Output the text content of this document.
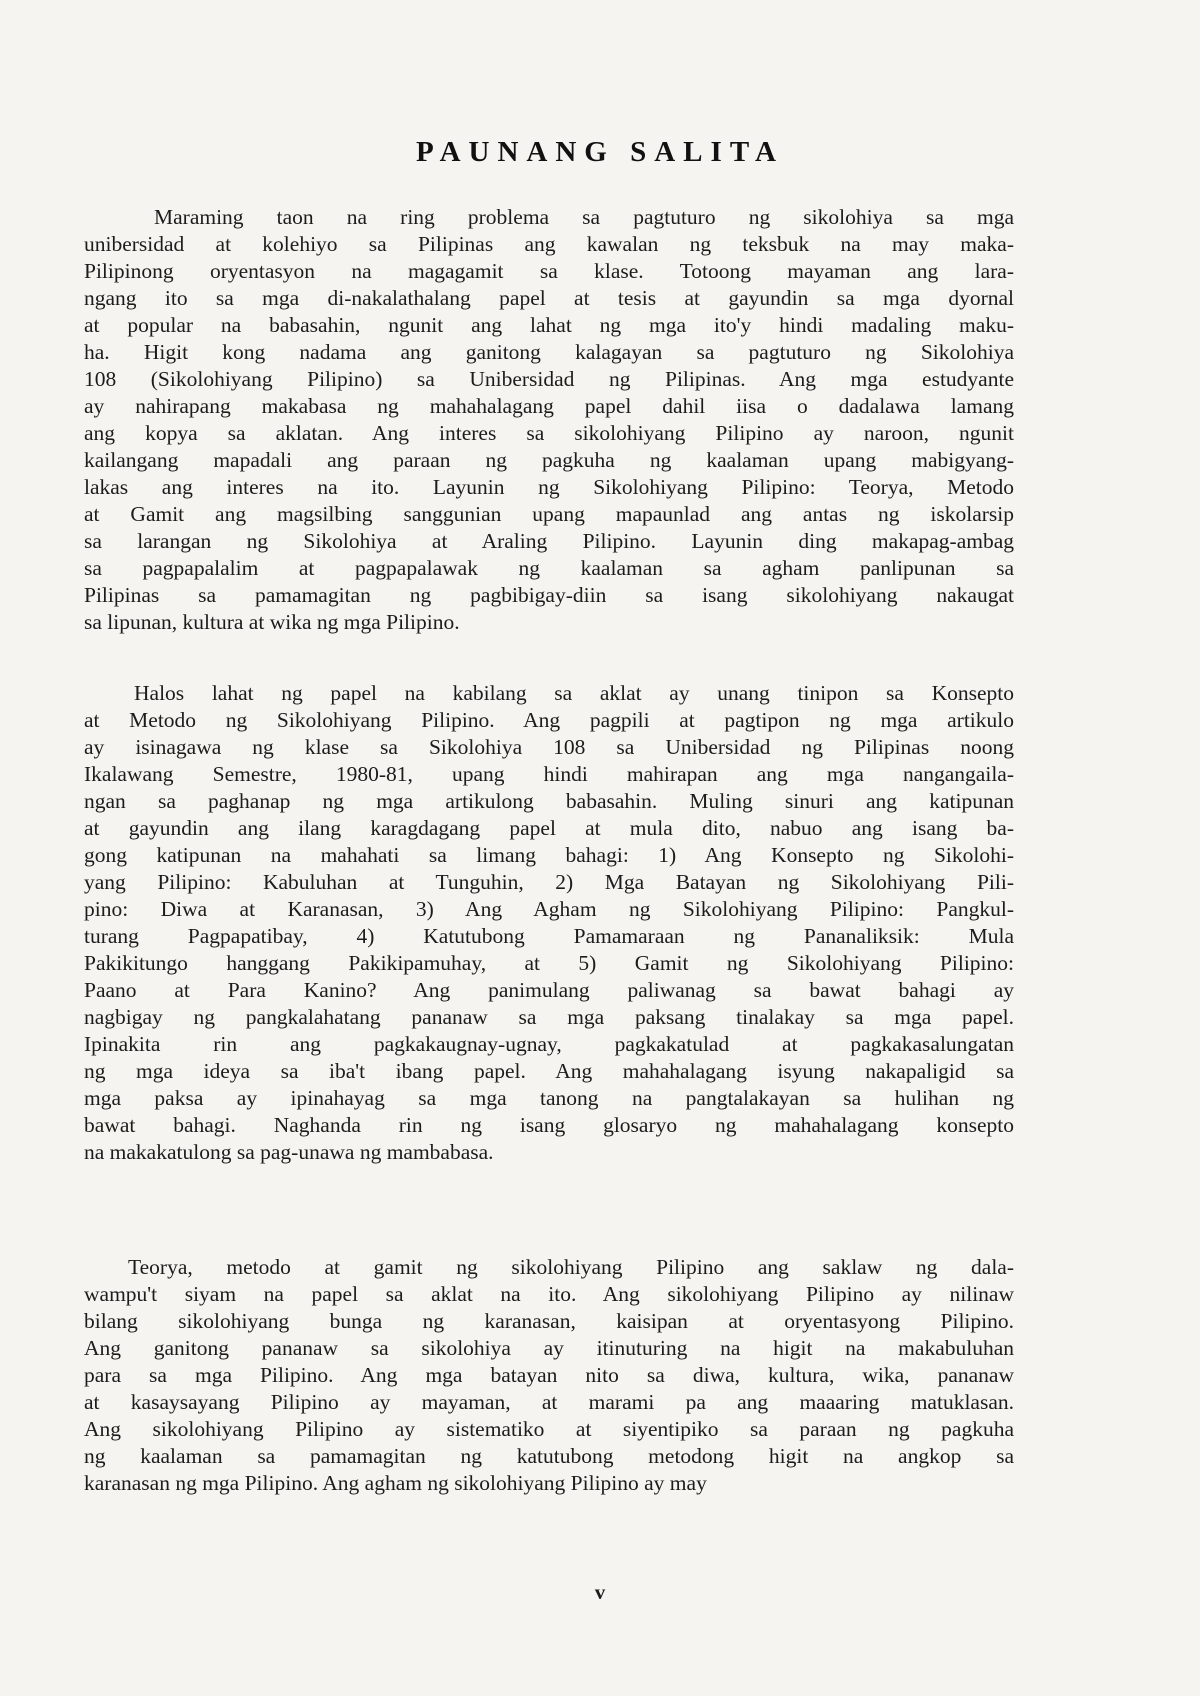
PAUNANG SALITA
Maraming taon na ring problema sa pagtuturo ng sikolohiya sa mga
unibersidad at kolehiyo sa Pilipinas ang kawalan ng teksbuk na may maka-
Pilipinong oryentasyon na magagamit sa klase. Totoong mayaman ang lara-
ngang ito sa mga di-nakalathalang papel at tesis at gayundin sa mga dyornal
at popular na babasahin, ngunit ang lahat ng mga ito'y hindi madaling maku-
ha. Higit kong nadama ang ganitong kalagayan sa pagtuturo ng Sikolohiya
108 (Sikolohiyang Pilipino) sa Unibersidad ng Pilipinas. Ang mga estudyante
ay nahirapang makabasa ng mahahalagang papel dahil iisa o dadalawa lamang
ang kopya sa aklatan. Ang interes sa sikolohiyang Pilipino ay naroon, ngunit
kailangang mapadali ang paraan ng pagkuha ng kaalaman upang mabigyang-
lakas ang interes na ito. Layunin ng Sikolohiyang Pilipino: Teorya, Metodo
at Gamit ang magsilbing sanggunian upang mapaunlad ang antas ng iskolarsip
sa larangan ng Sikolohiya at Araling Pilipino. Layunin ding makapag-ambag
sa pagpapalalim at pagpapalawak ng kaalaman sa agham panlipunan sa
Pilipinas sa pamamagitan ng pagbibigay-diin sa isang sikolohiyang nakaugat
sa lipunan, kultura at wika ng mga Pilipino.
Halos lahat ng papel na kabilang sa aklat ay unang tinipon sa Konsepto
at Metodo ng Sikolohiyang Pilipino. Ang pagpili at pagtipon ng mga artikulo
ay isinagawa ng klase sa Sikolohiya 108 sa Unibersidad ng Pilipinas noong
Ikalawang Semestre, 1980-81, upang hindi mahirapan ang mga nangangaila-
ngan sa paghanap ng mga artikulong babasahin. Muling sinuri ang katipunan
at gayundin ang ilang karagdagang papel at mula dito, nabuo ang isang ba-
gong katipunan na mahahati sa limang bahagi: 1) Ang Konsepto ng Sikolohi-
yang Pilipino: Kabuluhan at Tunguhin, 2) Mga Batayan ng Sikolohiyang Pili-
pino: Diwa at Karanasan, 3) Ang Agham ng Sikolohiyang Pilipino: Pangkul-
turang Pagpapatibay, 4) Katutubong Pamamaraan ng Pananaliksik: Mula
Pakikitungo hanggang Pakikipamuhay, at 5) Gamit ng Sikolohiyang Pilipino:
Paano at Para Kanino? Ang panimulang paliwanag sa bawat bahagi ay
nagbigay ng pangkalahatang pananaw sa mga paksang tinalakay sa mga papel.
Ipinakita rin ang pagkakaugnay-ugnay, pagkakatulad at pagkakasalungatan
ng mga ideya sa iba't ibang papel. Ang mahahalagang isyung nakapaligid sa
mga paksa ay ipinahayag sa mga tanong na pangtalakayan sa hulihan ng
bawat bahagi. Naghanda rin ng isang glosaryo ng mahahalagang konsepto
na makakatulong sa pag-unawa ng mambabasa.
Teorya, metodo at gamit ng sikolohiyang Pilipino ang saklaw ng dala-
wampu't siyam na papel sa aklat na ito. Ang sikolohiyang Pilipino ay nilinaw
bilang sikolohiyang bunga ng karanasan, kaisipan at oryentasyong Pilipino.
Ang ganitong pananaw sa sikolohiya ay itinuturing na higit na makabuluhan
para sa mga Pilipino. Ang mga batayan nito sa diwa, kultura, wika, pananaw
at kasaysayang Pilipino ay mayaman, at marami pa ang maaaring matuklasan.
Ang sikolohiyang Pilipino ay sistematiko at siyentipiko sa paraan ng pagkuha
ng kaalaman sa pamamagitan ng katutubong metodong higit na angkop sa
karanasan ng mga Pilipino. Ang agham ng sikolohiyang Pilipino ay may
v
